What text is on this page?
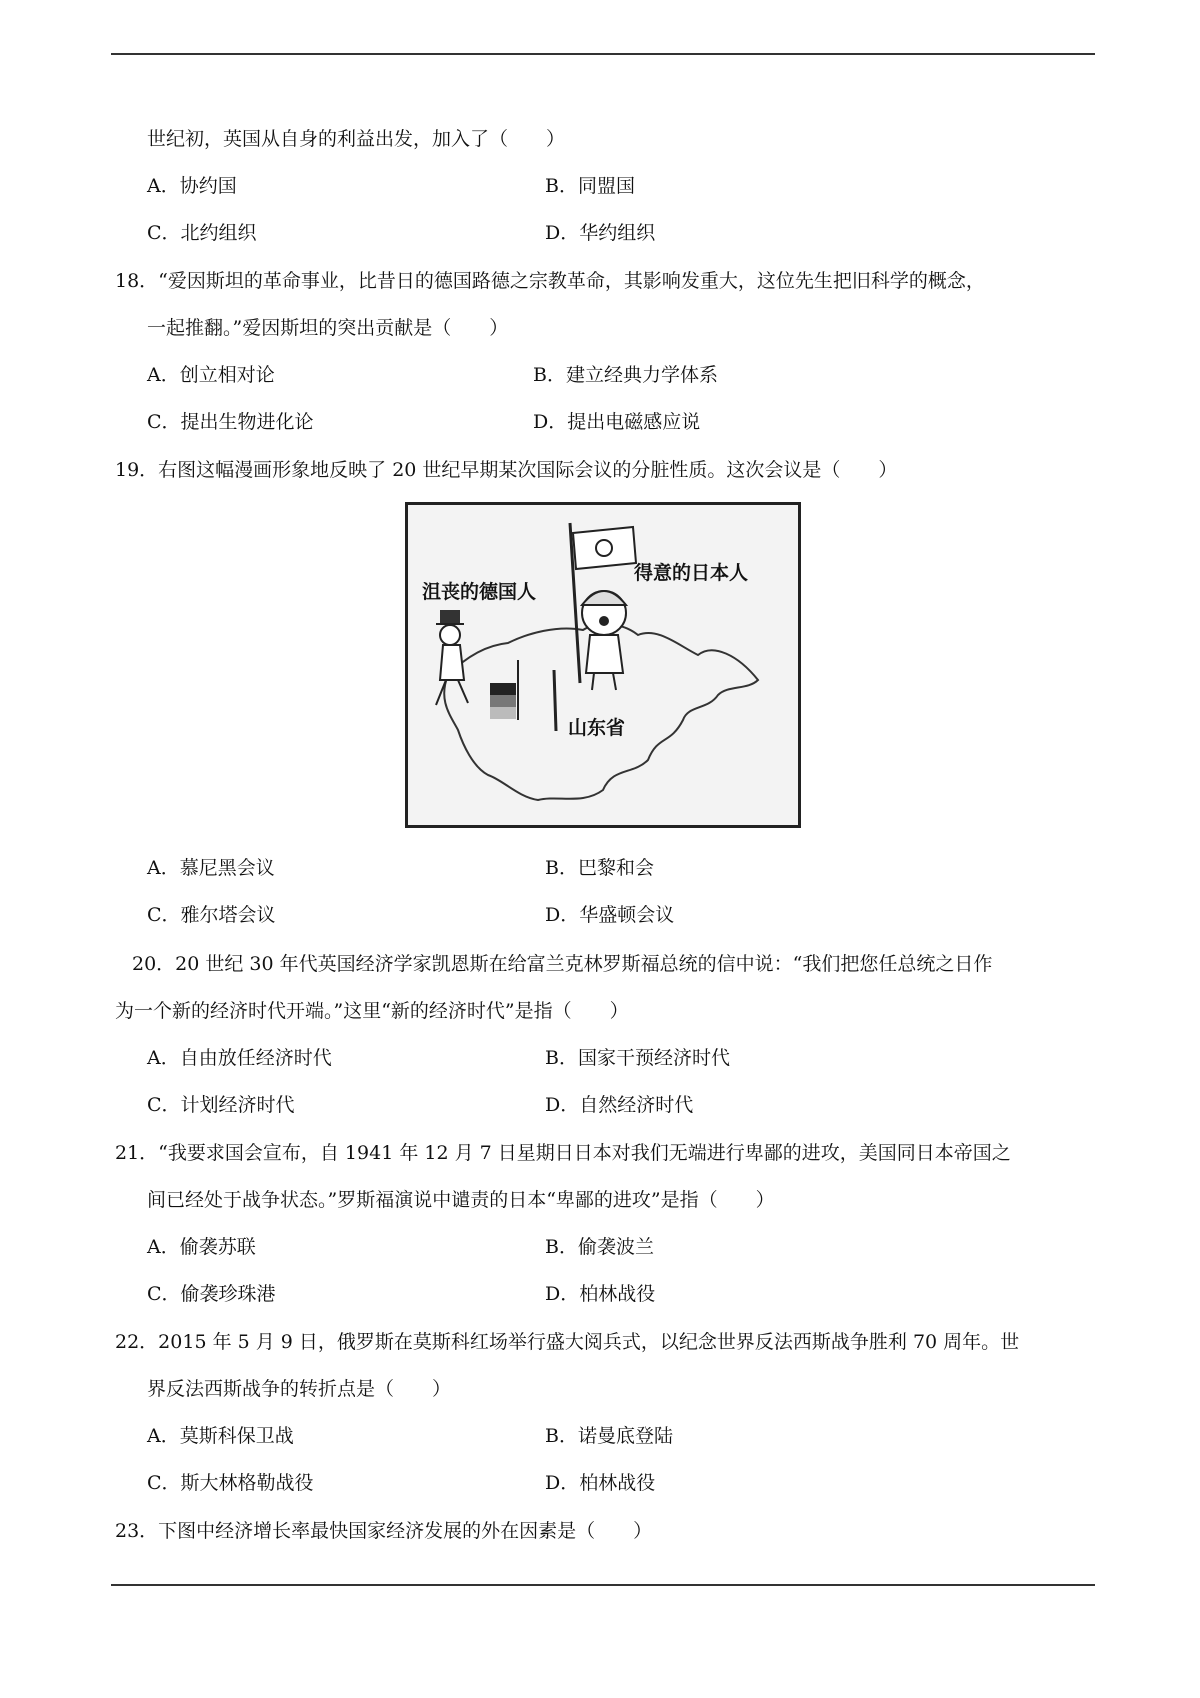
世纪初，英国从自身的利益出发，加入了（　　）
A．协约国	B．同盟国
C．北约组织	D．华约组织
18．“爱因斯坦的革命事业，比昔日的德国路德之宗教革命，其影响发重大，这位先生把旧科学的概念，
一起推翻。”爱因斯坦的突出贡献是（　　）
A．创立相对论	B．建立经典力学体系
C．提出生物进化论	D．提出电磁感应说
19．右图这幅漫画形象地反映了 20 世纪早期某次国际会议的分脏性质。这次会议是（　　）
沮丧的德国人
得意的日本人
山东省
A．慕尼黑会议	B．巴黎和会
C．雅尔塔会议	D．华盛顿会议
20．20 世纪 30 年代英国经济学家凯恩斯在给富兰克林罗斯福总统的信中说：“我们把您任总统之日作
为一个新的经济时代开端。”这里“新的经济时代”是指（　　）
A．自由放任经济时代	B．国家干预经济时代
C．计划经济时代	D．自然经济时代
21．“我要求国会宣布，自 1941 年 12 月 7 日星期日日本对我们无端进行卑鄙的进攻，美国同日本帝国之
间已经处于战争状态。”罗斯福演说中谴责的日本“卑鄙的进攻”是指（　　）
A．偷袭苏联	B．偷袭波兰
C．偷袭珍珠港	D．柏林战役
22．2015 年 5 月 9 日，俄罗斯在莫斯科红场举行盛大阅兵式，以纪念世界反法西斯战争胜利 70 周年。世
界反法西斯战争的转折点是（　　）
A．莫斯科保卫战	B．诺曼底登陆
C．斯大林格勒战役	D．柏林战役
23．下图中经济增长率最快国家经济发展的外在因素是（　　）
